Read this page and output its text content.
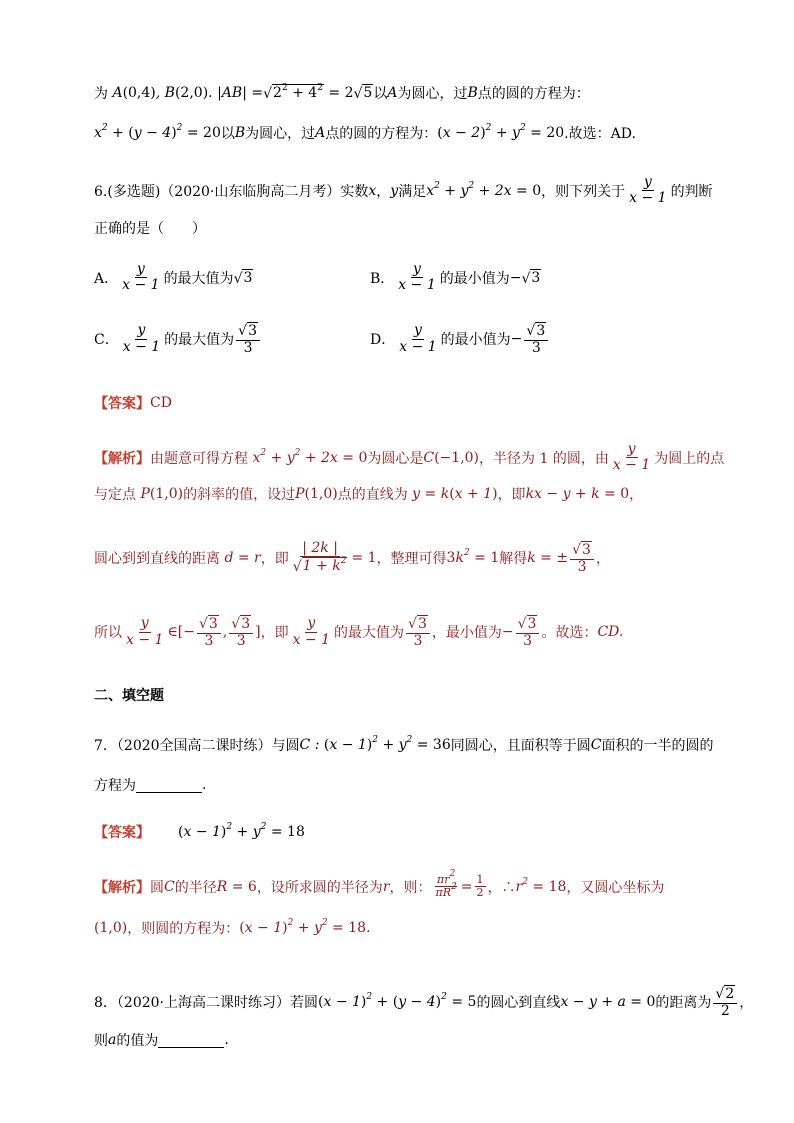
为 A(0,4), B(2,0). |AB| = √ $2^2 + 4^2 = 2$ √ 5 以 A 为圆心，过 B 点的圆的方程为：
$x^2 + (y - 4)^2 = 20$ 以 B 为圆心，过 A 点的圆的方程为： $(x - 2)^2 + y^2 = 20$ .故选：AD.
6.(多选题)（2020·山东临朐高二月考）实数 x ， y 满足 $x^2 + y^2 + 2x = 0$ ，则下列关于 $\frac{y}{x - 1}$ 的判断
正确的是（　　）
A． $\frac{y}{x - 1}$ 的最大值为 √ 3	B． $\frac{y}{x - 1}$ 的最小值为 − √ 3
C． $\frac{y}{x - 1}$ 的最大值为 $\frac{√ 3}{3}$	D． $\frac{y}{x - 1}$ 的最小值为 − $\frac{√ 3}{3}$
【答案】 CD
【解析】 由题意可得方程 $x^2 + y^2 + 2x = 0$ 为圆心是 C(−1,0) ，半径为 1 的圆，由 $\frac{y}{x - 1}$ 为圆上的点
与定点 P(1,0) 的斜率的值，设过 P(1,0) 点的直线为 y = k(x + 1) ，即 kx − y + k = 0 ，
圆心到到直线的距离 d = r ，即 $\frac{| 2k |}{√ 1 + k^2} = 1$ ，整理可得 $3k^2 = 1$ 解得 k = ± $\frac{√ 3}{3}$ ，
所以 $\frac{y}{x - 1}$ ∈[− $\frac{√ 3}{3}$ , $\frac{√ 3}{3}$ ] ，即 $\frac{y}{x - 1}$ 的最大值为 $\frac{√ 3}{3}$ ，最小值为 − $\frac{√ 3}{3}$ 。故选： CD.
二、填空题
7．（2020全国高二课时练）与圆 C : $(x - 1)^2 + y^2 = 36$ 同圆心，且面积等于圆 C 面积的一半的圆的
方程为	.
【答案】 $(x - 1)^2 + y^2 = 18$
【解析】 圆 C 的半径 R = 6 ，设所求圆的半径为 r ，则： $\frac{\pi r^2}{\pi R^2} = \frac{1}{2}$ ，∴ $r^2 = 18$ ，又圆心坐标为
(1,0) ，则圆的方程为： $(x - 1)^2 + y^2 = 18$ .
8．（2020·上海高二课时练习）若圆 $(x - 1)^2 + (y - 4)^2 = 5$ 的圆心到直线 x − y + a = 0 的距离为 $\frac{√ 2}{2}$ ，
则 a 的值为	.
